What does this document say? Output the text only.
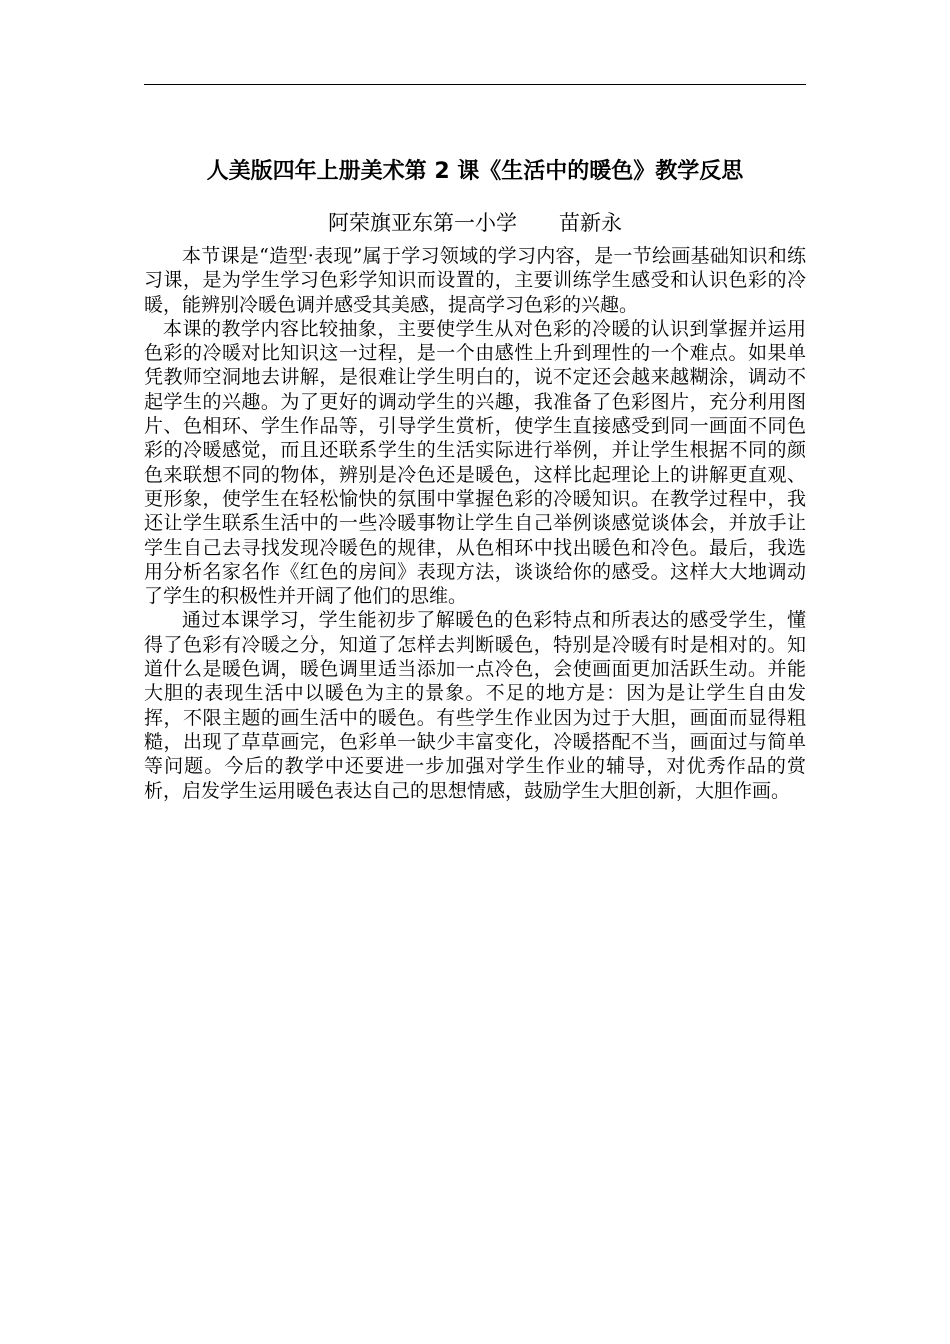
人美版四年上册美术第 2 课《生活中的暖色》教学反思
阿荣旗亚东第一小学 苗新永

本节课是“造型·表现”属于学习领域的学习内容，是一节绘画基础知识和练习课，是为学生学习色彩学知识而设置的，主要训练学生感受和认识色彩的冷暖，能辨别冷暖色调并感受其美感，提高学习色彩的兴趣。

本课的教学内容比较抽象，主要使学生从对色彩的冷暖的认识到掌握并运用色彩的冷暖对比知识这一过程，是一个由感性上升到理性的一个难点。如果单凭教师空洞地去讲解，是很难让学生明白的，说不定还会越来越糊涂，调动不起学生的兴趣。为了更好的调动学生的兴趣，我准备了色彩图片，充分利用图片、色相环、学生作品等，引导学生赏析，使学生直接感受到同一画面不同色彩的冷暖感觉，而且还联系学生的生活实际进行举例，并让学生根据不同的颜色来联想不同的物体，辨别是冷色还是暖色，这样比起理论上的讲解更直观、更形象，使学生在轻松愉快的氛围中掌握色彩的冷暖知识。在教学过程中，我还让学生联系生活中的一些冷暖事物让学生自己举例谈感觉谈体会，并放手让学生自己去寻找发现冷暖色的规律，从色相环中找出暖色和冷色。最后，我选用分析名家名作《红色的房间》表现方法，谈谈给你的感受。这样大大地调动了学生的积极性并开阔了他们的思维。

通过本课学习，学生能初步了解暖色的色彩特点和所表达的感受学生，懂得了色彩有冷暖之分，知道了怎样去判断暖色，特别是冷暖有时是相对的。知道什么是暖色调，暖色调里适当添加一点冷色，会使画面更加活跃生动。并能大胆的表现生活中以暖色为主的景象。不足的地方是：因为是让学生自由发挥，不限主题的画生活中的暖色。有些学生作业因为过于大胆，画面而显得粗糙，出现了草草画完，色彩单一缺少丰富变化，冷暖搭配不当，画面过与简单等问题。今后的教学中还要进一步加强对学生作业的辅导，对优秀作品的赏析，启发学生运用暖色表达自己的思想情感，鼓励学生大胆创新，大胆作画。
